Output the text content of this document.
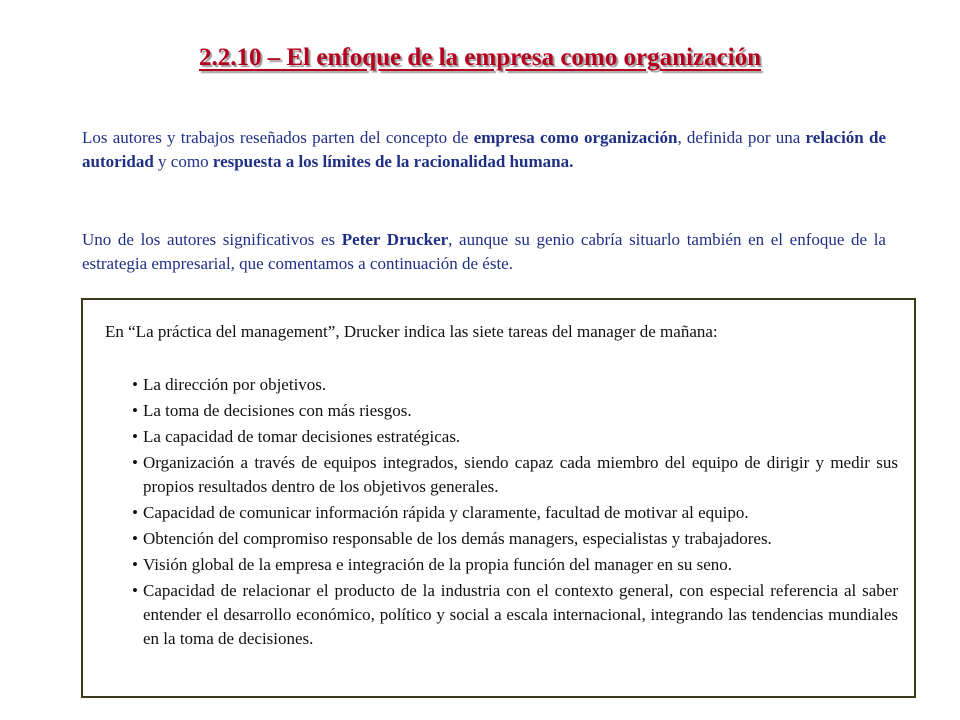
2.2.10 – El enfoque de la empresa como organización
Los autores y trabajos reseñados parten del concepto de empresa como organización, definida por una relación de autoridad y como respuesta a los límites de la racionalidad humana.
Uno de los autores significativos es Peter Drucker, aunque su genio cabría situarlo también en el enfoque de la estrategia empresarial, que comentamos a continuación de éste.
En “La práctica del management”, Drucker indica las siete tareas del manager de mañana:
• La dirección por objetivos.
• La toma de decisiones con más riesgos.
• La capacidad de tomar decisiones estratégicas.
• Organización a través de equipos integrados, siendo capaz cada miembro del equipo de dirigir y medir sus propios resultados dentro de los objetivos generales.
• Capacidad de comunicar información rápida y claramente, facultad de motivar al equipo.
• Obtención del compromiso responsable de los demás managers, especialistas y trabajadores.
• Visión global de la empresa e integración de la propia función del manager en su seno.
• Capacidad de relacionar el producto de la industria con el contexto general, con especial referencia al saber entender el desarrollo económico, político y social a escala internacional, integrando las tendencias mundiales en la toma de decisiones.
